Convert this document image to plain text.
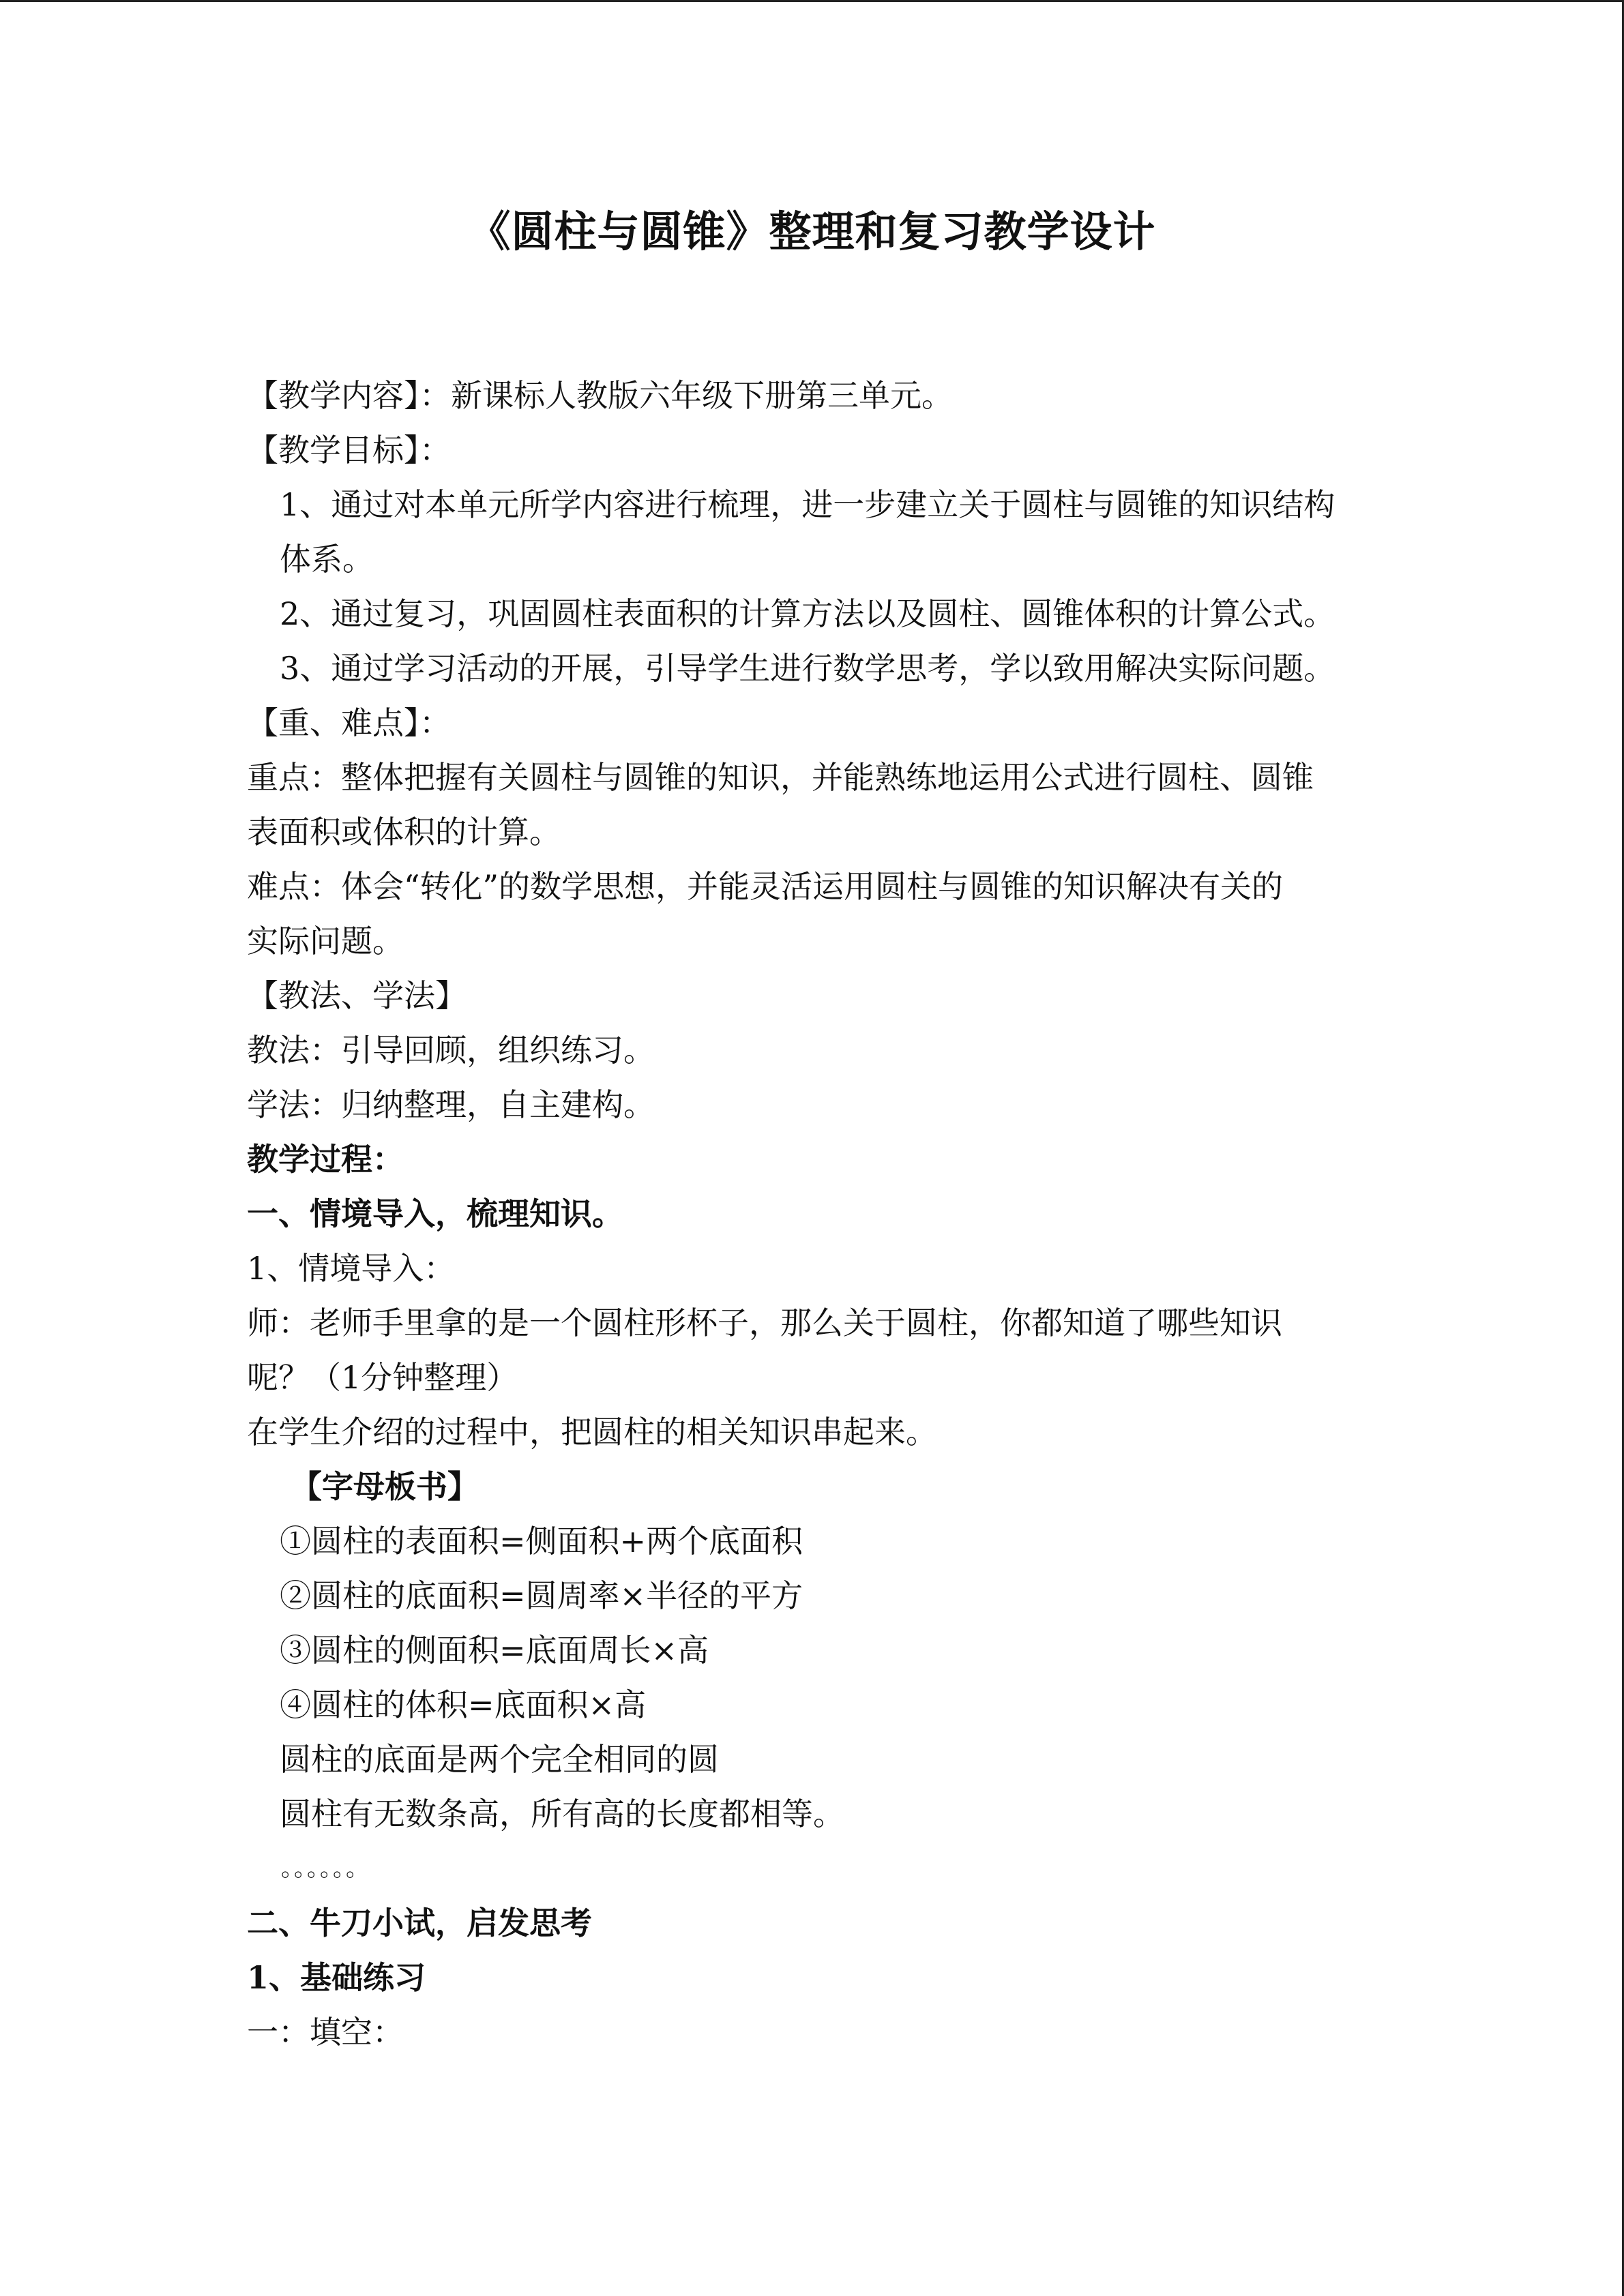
《圆柱与圆锥》整理和复习教学设计
【教学内容】：新课标人教版六年级下册第三单元。
【教学目标】：
1、通过对本单元所学内容进行梳理，进一步建立关于圆柱与圆锥的知识结构
体系。
2、通过复习，巩固圆柱表面积的计算方法以及圆柱、圆锥体积的计算公式。
3、通过学习活动的开展，引导学生进行数学思考，学以致用解决实际问题。
【重、难点】：
重点：整体把握有关圆柱与圆锥的知识，并能熟练地运用公式进行圆柱、圆锥
表面积或体积的计算。
难点：体会“转化”的数学思想，并能灵活运用圆柱与圆锥的知识解决有关的
实际问题。
【教法、学法】
教法：引导回顾，组织练习。
学法：归纳整理，自主建构。
教学过程：
一、情境导入，梳理知识。
1、情境导入：
师：老师手里拿的是一个圆柱形杯子，那么关于圆柱，你都知道了哪些知识
呢？（1分钟整理）
在学生介绍的过程中，把圆柱的相关知识串起来。
【字母板书】
①圆柱的表面积=侧面积+两个底面积
②圆柱的底面积=圆周率×半径的平方
③圆柱的侧面积=底面周长×高
④圆柱的体积=底面积×高
圆柱的底面是两个完全相同的圆
圆柱有无数条高，所有高的长度都相等。
。。。。。。
二、牛刀小试，启发思考
1、基础练习
一：填空：
